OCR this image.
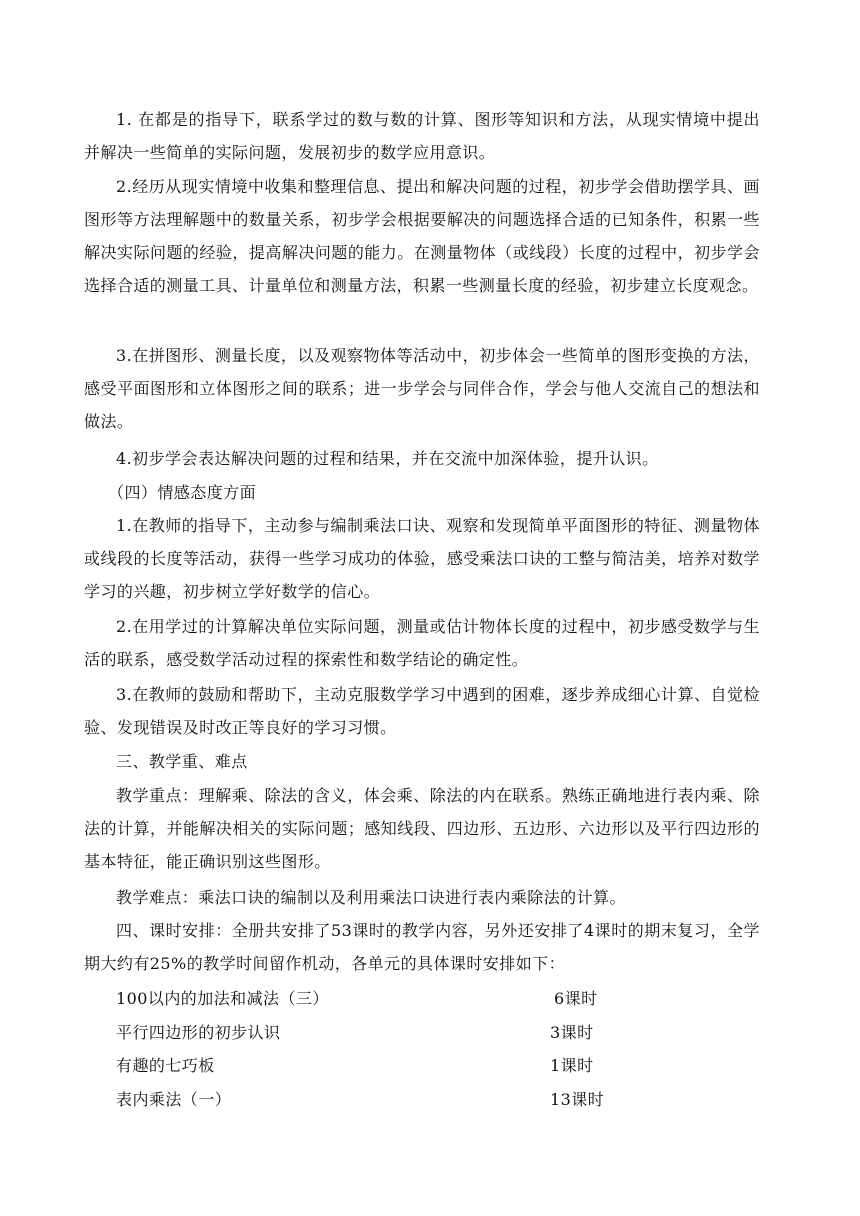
1. 在都是的指导下，联系学过的数与数的计算、图形等知识和方法，从现实情境中提出并解决一些简单的实际问题，发展初步的数学应用意识。

2.经历从现实情境中收集和整理信息、提出和解决问题的过程，初步学会借助摆学具、画图形等方法理解题中的数量关系，初步学会根据要解决的问题选择合适的已知条件，积累一些解决实际问题的经验，提高解决问题的能力。在测量物体（或线段）长度的过程中，初步学会选择合适的测量工具、计量单位和测量方法，积累一些测量长度的经验，初步建立长度观念。

3.在拼图形、测量长度，以及观察物体等活动中，初步体会一些简单的图形变换的方法，感受平面图形和立体图形之间的联系；进一步学会与同伴合作，学会与他人交流自己的想法和做法。

4.初步学会表达解决问题的过程和结果，并在交流中加深体验，提升认识。

（四）情感态度方面

1.在教师的指导下，主动参与编制乘法口诀、观察和发现简单平面图形的特征、测量物体或线段的长度等活动，获得一些学习成功的体验，感受乘法口诀的工整与简洁美，培养对数学学习的兴趣，初步树立学好数学的信心。

2.在用学过的计算解决单位实际问题，测量或估计物体长度的过程中，初步感受数学与生活的联系，感受数学活动过程的探索性和数学结论的确定性。

3.在教师的鼓励和帮助下，主动克服数学学习中遇到的困难，逐步养成细心计算、自觉检验、发现错误及时改正等良好的学习习惯。

三、教学重、难点

教学重点：理解乘、除法的含义，体会乘、除法的内在联系。熟练正确地进行表内乘、除法的计算，并能解决相关的实际问题；感知线段、四边形、五边形、六边形以及平行四边形的基本特征，能正确识别这些图形。

教学难点：乘法口诀的编制以及利用乘法口诀进行表内乘除法的计算。

四、课时安排：全册共安排了53课时的教学内容，另外还安排了4课时的期末复习，全学期大约有25%的教学时间留作机动，各单元的具体课时安排如下：

100以内的加法和减法（三）	6课时
平行四边形的初步认识	3课时
有趣的七巧板	1课时
表内乘法（一）	13课时
